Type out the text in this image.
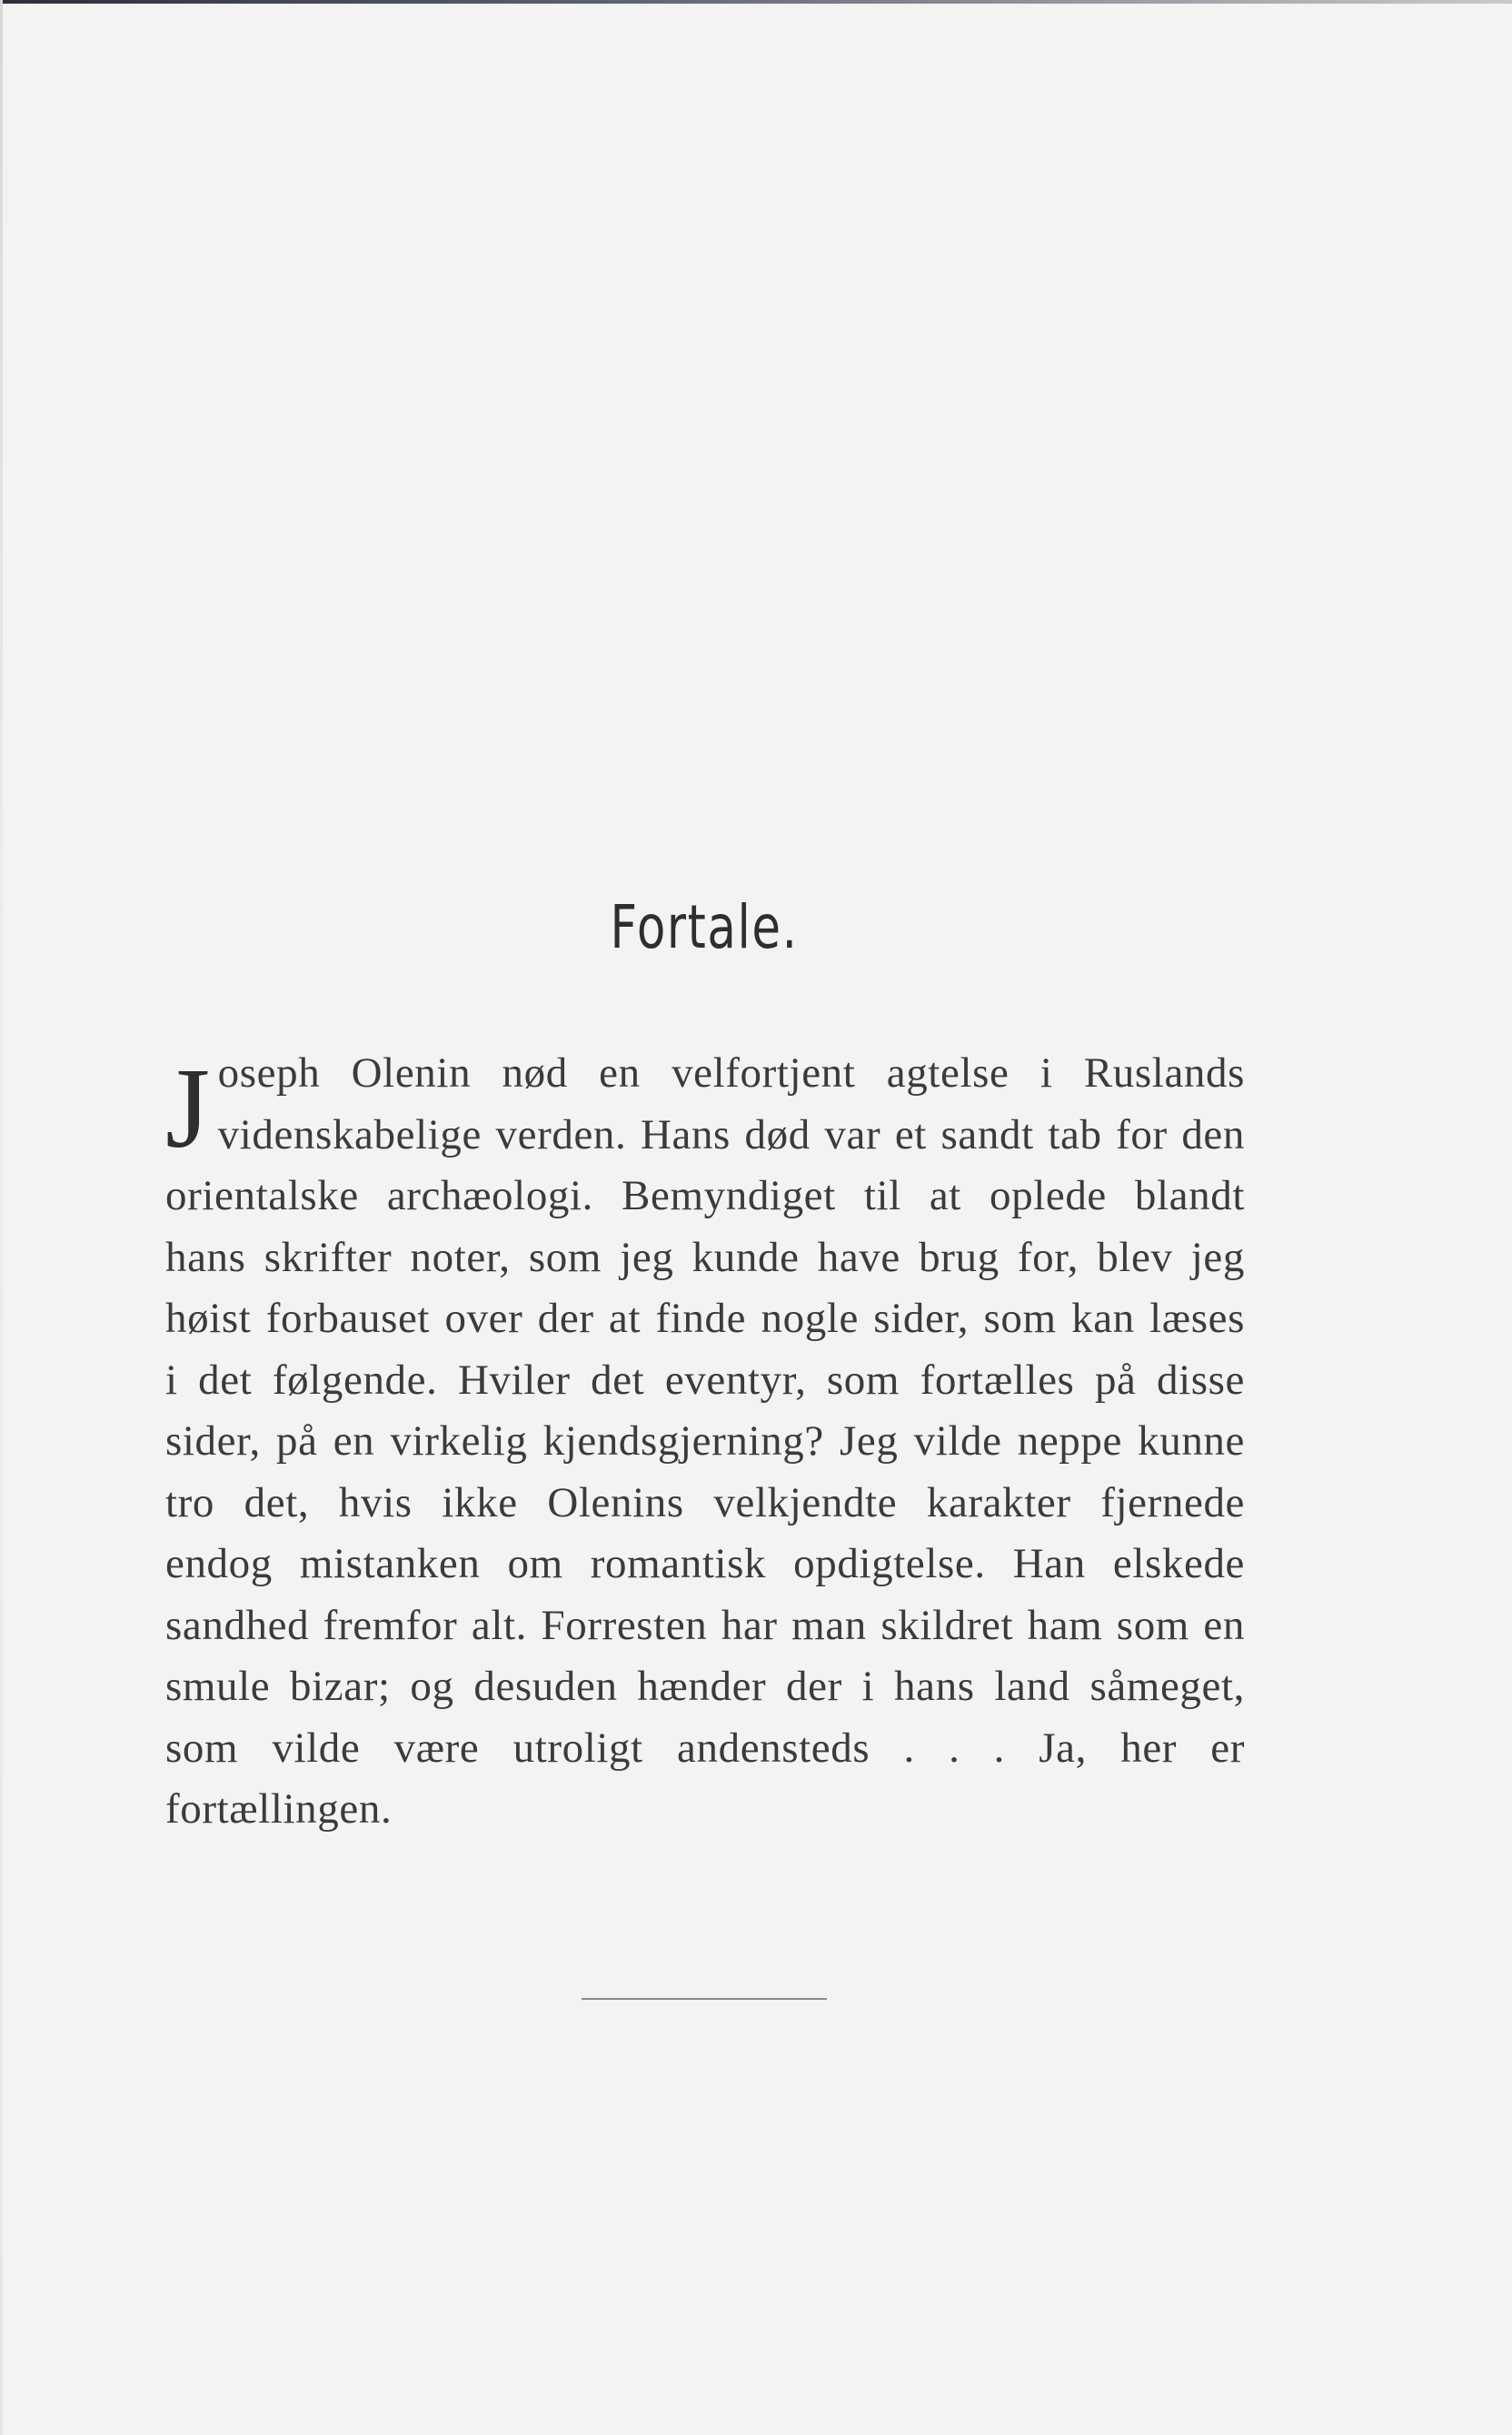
Fortale.
J oseph Olenin nød en velfortjent agtelse i Ruslands videnskabelige verden. Hans død var et sandt tab for den orientalske archæologi. Bemyndiget til at oplede blandt hans skrifter noter, som jeg kunde have brug for, blev jeg høist forbauset over der at finde nogle sider, som kan læses i det følgende. Hviler det eventyr, som fortælles på disse sider, på en virkelig kjendsgjerning? Jeg vilde neppe kunne tro det, hvis ikke Olenins velkjendte karakter fjernede endog mistanken om romantisk opdigtelse. Han elskede sandhed fremfor alt. Forresten har man skildret ham som en smule bizar; og desuden hænder der i hans land såmeget, som vilde være utroligt andensteds . . . Ja, her er fortællingen.
